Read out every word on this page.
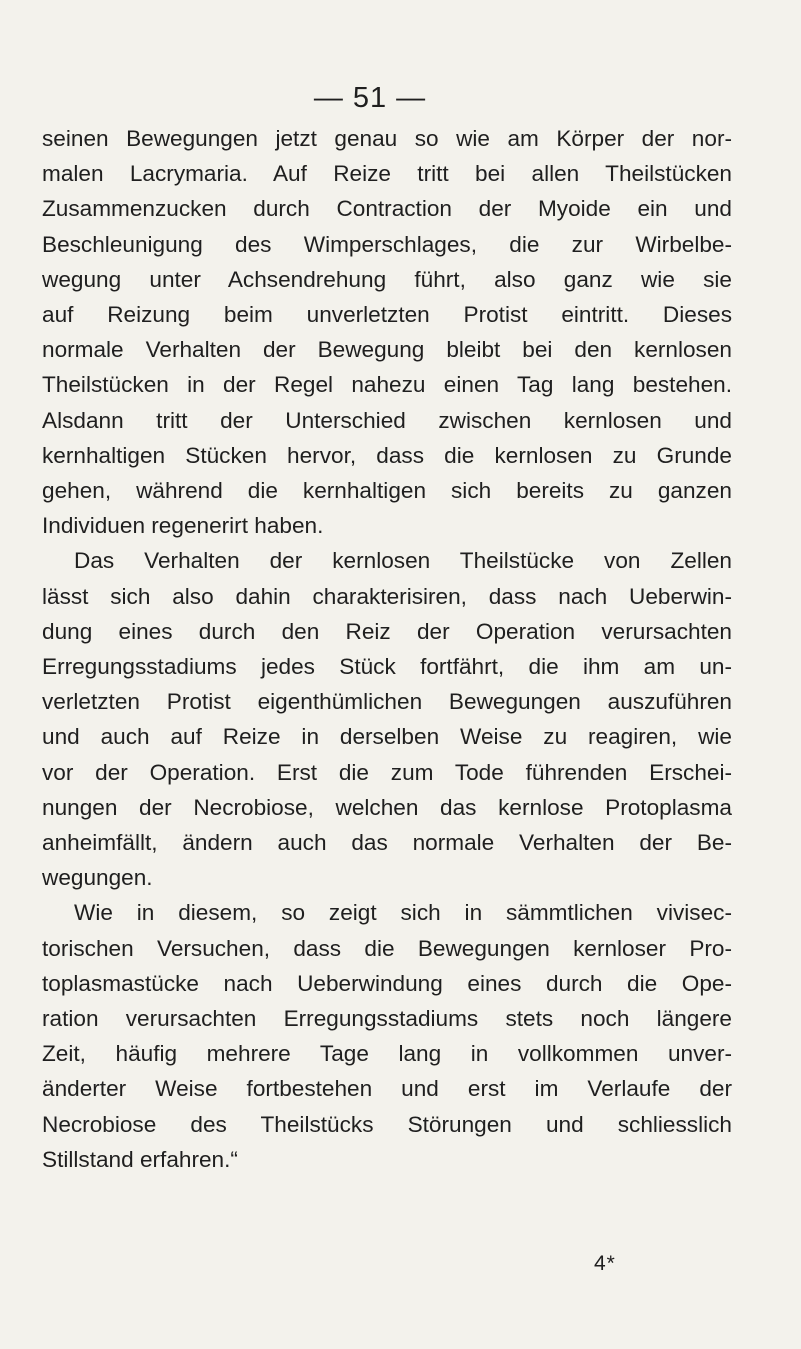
— 51 —
seinen Bewegungen jetzt genau so wie am Körper der nor-
malen Lacrymaria. Auf Reize tritt bei allen Theilstücken
Zusammenzucken durch Contraction der Myoide ein und
Beschleunigung des Wimperschlages, die zur Wirbelbe-
wegung unter Achsendrehung führt, also ganz wie sie
auf Reizung beim unverletzten Protist eintritt. Dieses
normale Verhalten der Bewegung bleibt bei den kernlosen
Theilstücken in der Regel nahezu einen Tag lang bestehen.
Alsdann tritt der Unterschied zwischen kernlosen und
kernhaltigen Stücken hervor, dass die kernlosen zu Grunde
gehen, während die kernhaltigen sich bereits zu ganzen
Individuen regenerirt haben.
Das Verhalten der kernlosen Theilstücke von Zellen
lässt sich also dahin charakterisiren, dass nach Ueberwin-
dung eines durch den Reiz der Operation verursachten
Erregungsstadiums jedes Stück fortfährt, die ihm am un-
verletzten Protist eigenthümlichen Bewegungen auszuführen
und auch auf Reize in derselben Weise zu reagiren, wie
vor der Operation. Erst die zum Tode führenden Erschei-
nungen der Necrobiose, welchen das kernlose Protoplasma
anheimfällt, ändern auch das normale Verhalten der Be-
wegungen.
Wie in diesem, so zeigt sich in sämmtlichen vivisec-
torischen Versuchen, dass die Bewegungen kernloser Pro-
toplasmastücke nach Ueberwindung eines durch die Ope-
ration verursachten Erregungsstadiums stets noch längere
Zeit, häufig mehrere Tage lang in vollkommen unver-
änderter Weise fortbestehen und erst im Verlaufe der
Necrobiose des Theilstücks Störungen und schliesslich
Stillstand erfahren.“
4*
